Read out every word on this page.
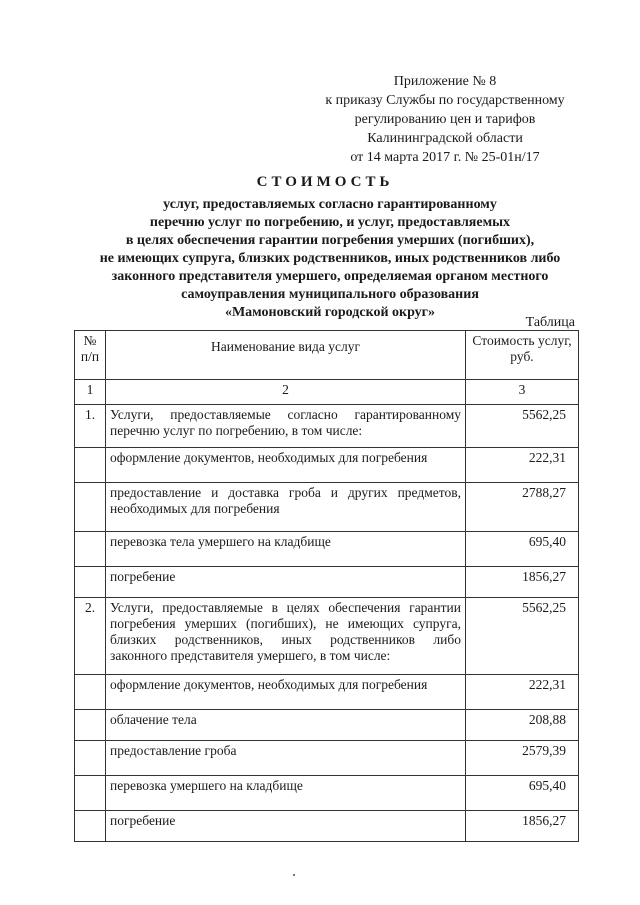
Приложение № 8
к приказу Службы по государственному
регулированию цен и тарифов
Калининградской области
от 14 марта 2017 г. № 25-01н/17
СТОИМОСТЬ
услуг, предоставляемых согласно гарантированному
перечню услуг по погребению, и услуг, предоставляемых
в целях обеспечения гарантии погребения умерших (погибших),
не имеющих супруга, близких родственников, иных родственников либо
законного представителя умершего, определяемая органом местного
самоуправления муниципального образования
«Мамоновский городской округ»
Таблица
№ п/п	Наименование вида услуг	Стоимость услуг, руб.
1	2	3
1.	Услуги, предоставляемые согласно гарантированному перечню услуг по погребению, в том числе:	5562,25
	оформление документов, необходимых для погребения	222,31
	предоставление и доставка гроба и других предметов, необходимых для погребения	2788,27
	перевозка тела умершего на кладбище	695,40
	погребение	1856,27
2.	Услуги, предоставляемые в целях обеспечения гарантии погребения умерших (погибших), не имеющих супруга, близких родственников, иных родственников либо законного представителя умершего, в том числе:	5562,25
	оформление документов, необходимых для погребения	222,31
	облачение тела	208,88
	предоставление гроба	2579,39
	перевозка умершего на кладбище	695,40
	погребение	1856,27
